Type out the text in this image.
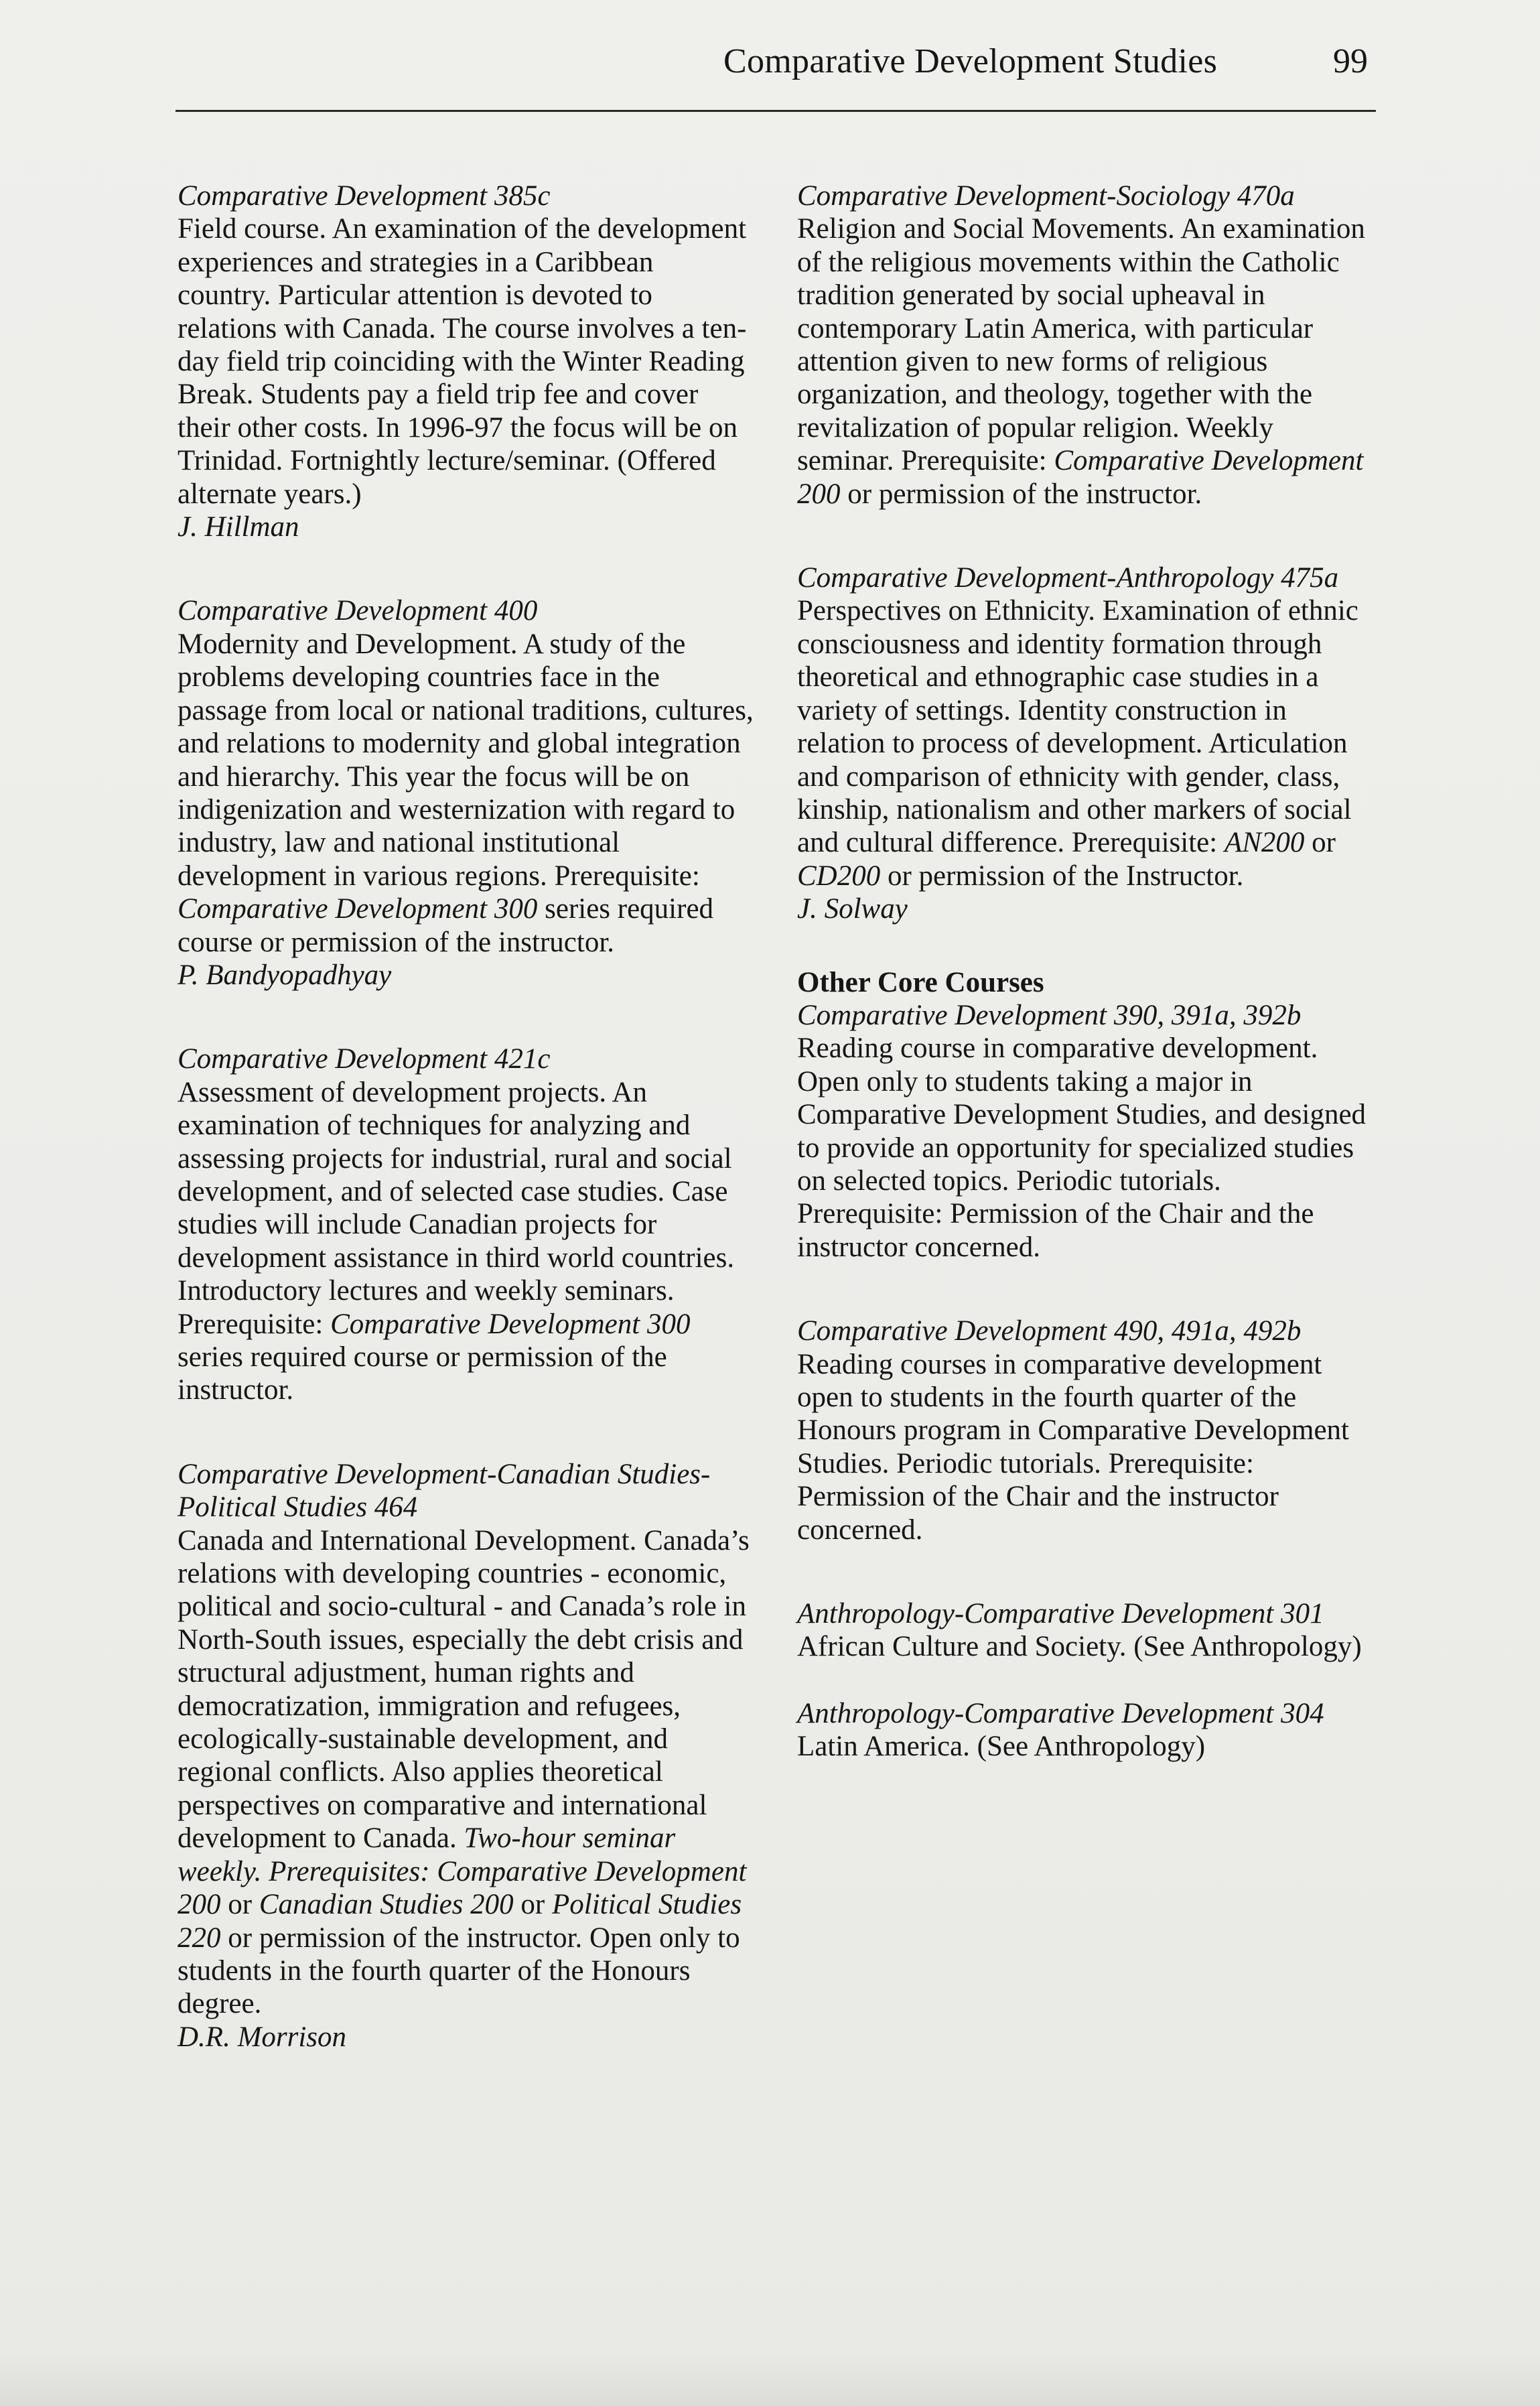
Comparative Development Studies	99
Comparative Development 385c
Field course. An examination of the development experiences and strategies in a Caribbean country. Particular attention is devoted to relations with Canada. The course involves a ten-day field trip coinciding with the Winter Reading Break. Students pay a field trip fee and cover their other costs. In 1996-97 the focus will be on Trinidad. Fortnightly lecture/seminar. (Offered alternate years.)
J. Hillman
Comparative Development 400
Modernity and Development. A study of the problems developing countries face in the passage from local or national traditions, cultures, and relations to modernity and global integration and hierarchy. This year the focus will be on indigenization and westernization with regard to industry, law and national institutional development in various regions. Prerequisite: Comparative Development 300 series required course or permission of the instructor.
P. Bandyopadhyay
Comparative Development 421c
Assessment of development projects. An examination of techniques for analyzing and assessing projects for industrial, rural and social development, and of selected case studies. Case studies will include Canadian projects for development assistance in third world countries. Introductory lectures and weekly seminars. Prerequisite: Comparative Development 300 series required course or permission of the instructor.
Comparative Development-Canadian Studies-Political Studies 464
Canada and International Development. Canada’s relations with developing countries - economic, political and socio-cultural - and Canada’s role in North-South issues, especially the debt crisis and structural adjustment, human rights and democratization, immigration and refugees, ecologically-sustainable development, and regional conflicts. Also applies theoretical perspectives on comparative and international development to Canada. Two-hour seminar weekly. Prerequisites: Comparative Development 200 or Canadian Studies 200 or Political Studies 220 or permission of the instructor. Open only to students in the fourth quarter of the Honours degree.
D.R. Morrison
Comparative Development-Sociology 470a
Religion and Social Movements. An examination of the religious movements within the Catholic tradition generated by social upheaval in contemporary Latin America, with particular attention given to new forms of religious organization, and theology, together with the revitalization of popular religion. Weekly seminar. Prerequisite: Comparative Development 200 or permission of the instructor.
Comparative Development-Anthropology 475a
Perspectives on Ethnicity. Examination of ethnic consciousness and identity formation through theoretical and ethnographic case studies in a variety of settings. Identity construction in relation to process of development. Articulation and comparison of ethnicity with gender, class, kinship, nationalism and other markers of social and cultural difference. Prerequisite: AN200 or CD200 or permission of the Instructor.
J. Solway
Other Core Courses
Comparative Development 390, 391a, 392b
Reading course in comparative development. Open only to students taking a major in Comparative Development Studies, and designed to provide an opportunity for specialized studies on selected topics. Periodic tutorials. Prerequisite: Permission of the Chair and the instructor concerned.
Comparative Development 490, 491a, 492b
Reading courses in comparative development open to students in the fourth quarter of the Honours program in Comparative Development Studies. Periodic tutorials. Prerequisite: Permission of the Chair and the instructor concerned.
Anthropology-Comparative Development 301
African Culture and Society. (See Anthropology)
Anthropology-Comparative Development 304
Latin America. (See Anthropology)
